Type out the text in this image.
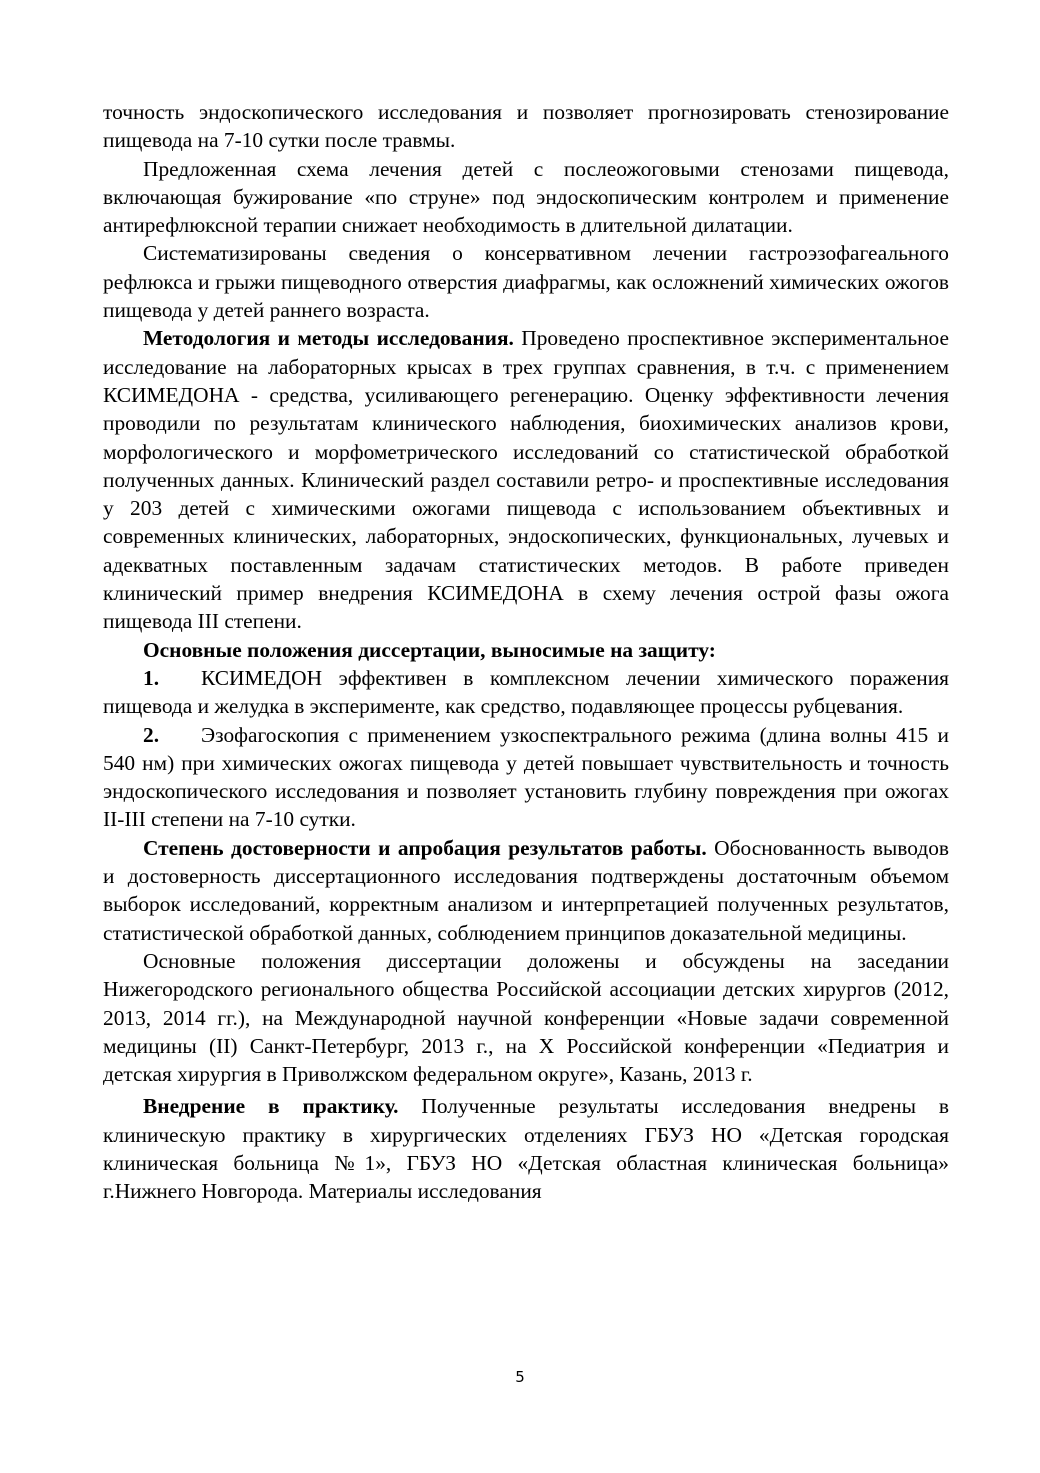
точность эндоскопического исследования и позволяет прогнозировать стенозирование пищевода на 7-10 сутки после травмы.

Предложенная схема лечения детей с послеожоговыми стенозами пищевода, включающая бужирование «по струне» под эндоскопическим контролем и применение антирефлюксной терапии снижает необходимость в длительной дилатации.

Систематизированы сведения о консервативном лечении гастроэзофагеального рефлюкса и грыжи пищеводного отверстия диафрагмы, как осложнений химических ожогов пищевода у детей раннего возраста.

Методология и методы исследования. Проведено проспективное экспериментальное исследование на лабораторных крысах в трех группах сравнения, в т.ч. с применением КСИМЕДОНА - средства, усиливающего регенерацию. Оценку эффективности лечения проводили по результатам клинического наблюдения, биохимических анализов крови, морфологического и морфометрического исследований со статистической обработкой полученных данных. Клинический раздел составили ретро- и проспективные исследования у 203 детей с химическими ожогами пищевода с использованием объективных и современных клинических, лабораторных, эндоскопических, функциональных, лучевых и адекватных поставленным задачам статистических методов. В работе приведен клинический пример внедрения КСИМЕДОНА в схему лечения острой фазы ожога пищевода III степени.

Основные положения диссертации, выносимые на защиту:

1. КСИМЕДОН эффективен в комплексном лечении химического поражения пищевода и желудка в эксперименте, как средство, подавляющее процессы рубцевания.

2. Эзофагоскопия с применением узкоспектрального режима (длина волны 415 и 540 нм) при химических ожогах пищевода у детей повышает чувствительность и точность эндоскопического исследования и позволяет установить глубину повреждения при ожогах II-III степени на 7-10 сутки.

Степень достоверности и апробация результатов работы. Обоснованность выводов и достоверность диссертационного исследования подтверждены достаточным объемом выборок исследований, корректным анализом и интерпретацией полученных результатов, статистической обработкой данных, соблюдением принципов доказательной медицины.

Основные положения диссертации доложены и обсуждены на заседании Нижегородского регионального общества Российской ассоциации детских хирургов (2012, 2013, 2014 гг.), на Международной научной конференции «Новые задачи современной медицины (II) Санкт-Петербург, 2013 г., на Х Российской конференции «Педиатрия и детская хирургия в Приволжском федеральном округе», Казань, 2013 г.

Внедрение в практику. Полученные результаты исследования внедрены в клиническую практику в хирургических отделениях ГБУЗ НО «Детская городская клиническая больница №1», ГБУЗ НО «Детская областная клиническая больница» г.Нижнего Новгорода. Материалы исследования

5
